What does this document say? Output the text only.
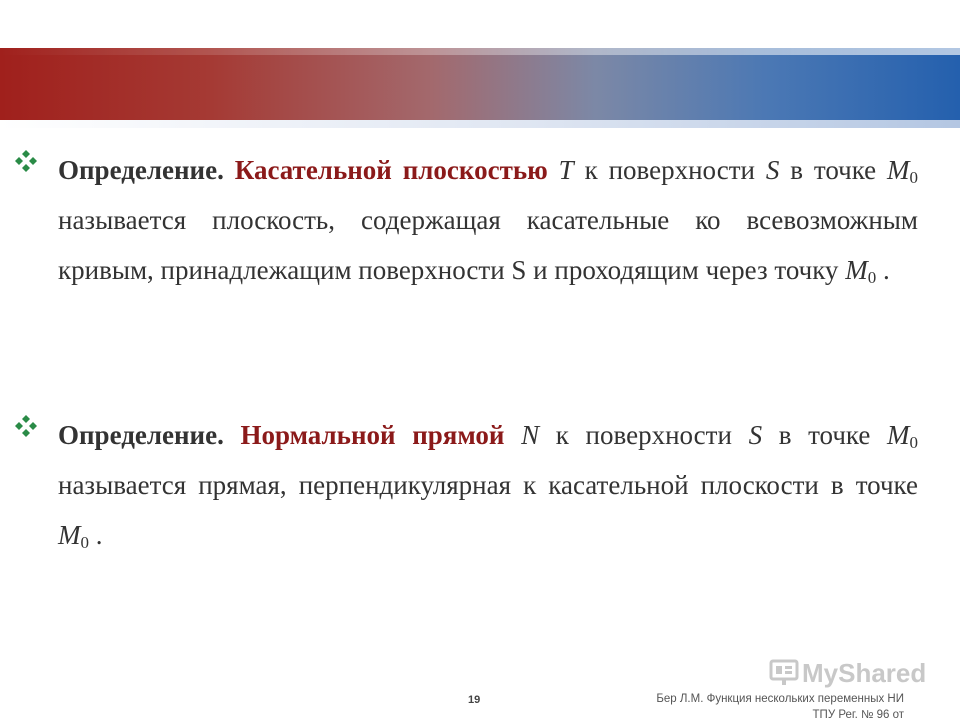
Определение. Касательной плоскостью T к поверхности S в точке $M_0$ называется плоскость, содержащая касательные ко всевозможным кривым, принадлежащим поверхности S и проходящим через точку $M_0$ .

Определение. Нормальной прямой N к поверхности S в точке $M_0$ называется прямая, перпендикулярная к касательной плоскости в точке $M_0$ .

MyShared
19	Бер Л.М. Функция нескольких переменных НИ ТПУ Рег. № 96 от
